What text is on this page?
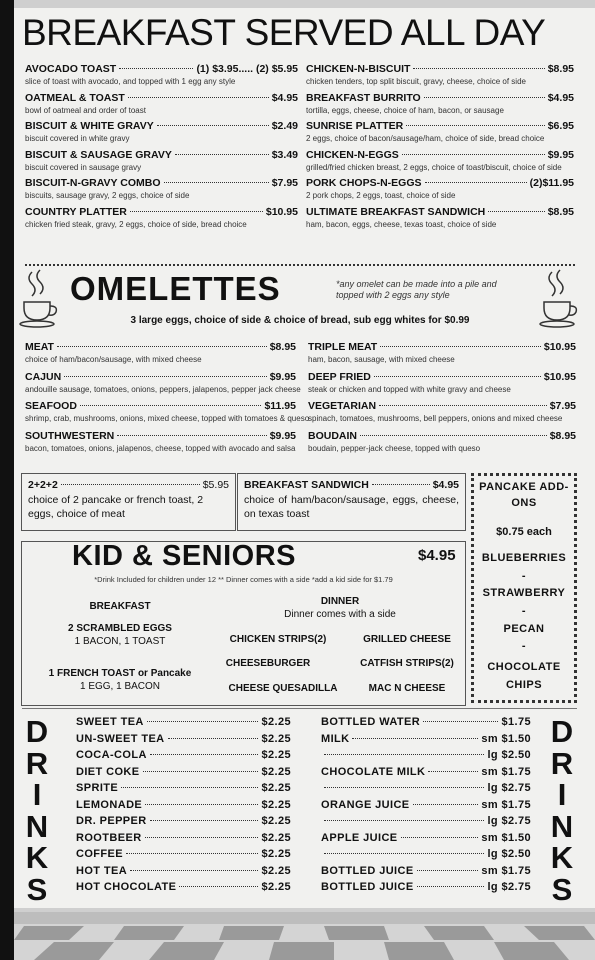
BREAKFAST SERVED ALL DAY
AVOCADO TOAST	(1) $3.95..... (2) $5.95
slice of toast with avocado, and topped with 1 egg any style
OATMEAL & TOAST	$4.95
bowl of oatmeal and order of toast
BISCUIT & WHITE GRAVY	$2.49
biscuit covered in white gravy
BISCUIT & SAUSAGE GRAVY	$3.49
biscuit covered in sausage gravy
BISCUIT-N-GRAVY COMBO	$7.95
biscuits, sausage gravy, 2 eggs, choice of side
COUNTRY PLATTER	$10.95
chicken fried steak, gravy, 2 eggs, choice of side, bread choice
CHICKEN-N-BISCUIT	$8.95
chicken tenders, top split biscuit, gravy, cheese, choice of side
BREAKFAST BURRITO	$4.95
tortilla, eggs, cheese, choice of ham, bacon, or sausage
SUNRISE PLATTER	$6.95
2 eggs, choice of bacon/sausage/ham, choice of side, bread choice
CHICKEN-N-EGGS	$9.95
grilled/fried chicken breast, 2 eggs, choice of toast/biscuit, choice of side
PORK CHOPS-N-EGGS	(2)$11.95
2 pork chops, 2 eggs, toast, choice of side
ULTIMATE BREAKFAST SANDWICH	$8.95
ham, bacon, eggs, cheese, texas toast, choice of side
OMELETTES	*any omelet can be made into a pile and topped with 2 eggs any style
3 large eggs, choice of side & choice of bread, sub egg whites for $0.99
MEAT	$8.95
choice of ham/bacon/sausage, with mixed cheese
CAJUN	$9.95
andouille sausage, tomatoes, onions, peppers, jalapenos, pepper jack cheese
SEAFOOD	$11.95
shrimp, crab, mushrooms, onions, mixed cheese, topped with tomatoes & queso
SOUTHWESTERN	$9.95
bacon, tomatoes, onions, jalapenos, cheese, topped with avocado and salsa
TRIPLE MEAT	$10.95
ham, bacon, sausage, with mixed cheese
DEEP FRIED	$10.95
steak or chicken and topped with white gravy and cheese
VEGETARIAN	$7.95
spinach, tomatoes, mushrooms, bell peppers, onions and mixed cheese
BOUDAIN	$8.95
boudain, pepper-jack cheese, topped with queso
2+2+2	$5.95
choice of 2 pancake or french toast, 2 eggs, choice of meat
BREAKFAST SANDWICH	$4.95
choice of ham/bacon/sausage, eggs, cheese, on texas toast
KID & SENIORS	$4.95
*Drink Included for children under 12 ** Dinner comes with a side *add a kid side for $1.79
BREAKFAST
2 SCRAMBLED EGGS
1 BACON, 1 TOAST
1 FRENCH TOAST or Pancake
1 EGG, 1 BACON
DINNER
Dinner comes with a side
CHICKEN STRIPS(2)	GRILLED CHEESE
CHEESEBURGER	CATFISH STRIPS(2)
CHEESE QUESADILLA	MAC N CHEESE
PANCAKE ADD-ONS
$0.75 each
BLUEBERRIES
-
STRAWBERRY
-
PECAN
-
CHOCOLATE CHIPS
DRINKS
DRINKS
SWEET TEA	$2.25
UN-SWEET TEA	$2.25
COCA-COLA	$2.25
DIET COKE	$2.25
SPRITE	$2.25
LEMONADE	$2.25
DR. PEPPER	$2.25
ROOTBEER	$2.25
COFFEE	$2.25
HOT TEA	$2.25
HOT CHOCOLATE	$2.25
BOTTLED WATER	$1.75
MILK	sm $1.50
lg $2.50
CHOCOLATE MILK	sm $1.75
lg $2.75
ORANGE JUICE	sm $1.75
lg $2.75
APPLE JUICE	sm $1.50
lg $2.50
BOTTLED JUICE	sm $1.75
BOTTLED JUICE	lg $2.75
